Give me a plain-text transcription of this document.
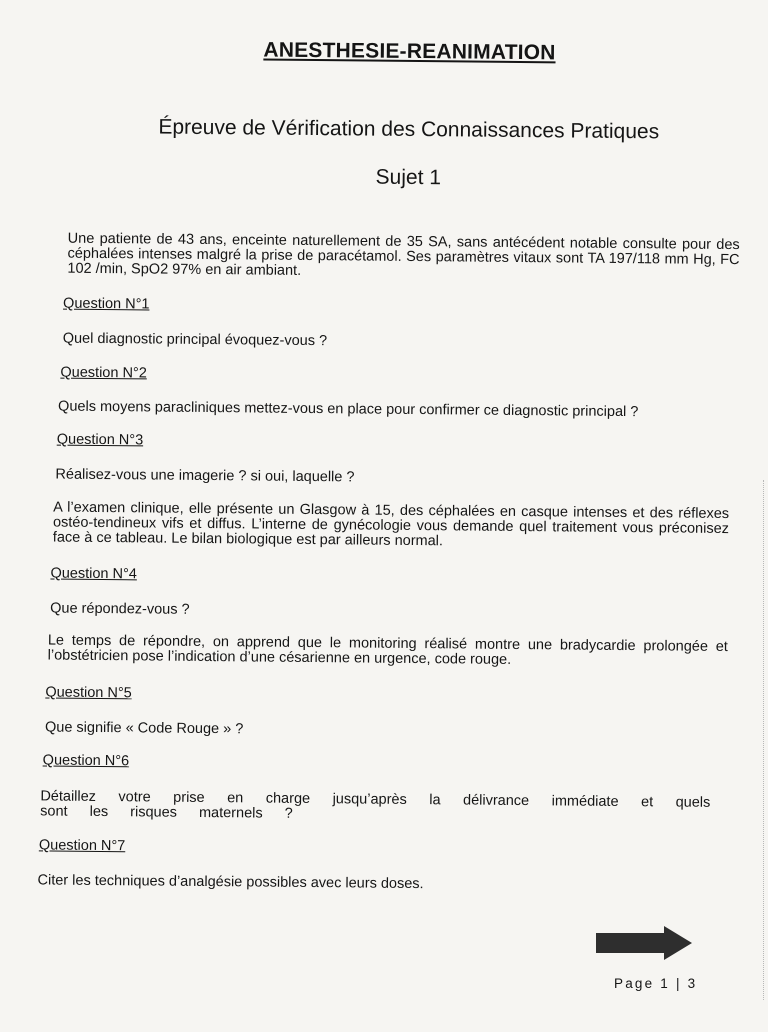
ANESTHESIE-REANIMATION
Épreuve de Vérification des Connaissances Pratiques
Sujet 1

Une patiente de 43 ans, enceinte naturellement de 35 SA, sans antécédent notable consulte pour des céphalées intenses malgré la prise de paracétamol. Ses paramètres vitaux sont TA 197/118 mm Hg, FC 102 /min, SpO2 97% en air ambiant.

Question N°1
Quel diagnostic principal évoquez-vous ?
Question N°2
Quels moyens paracliniques mettez-vous en place pour confirmer ce diagnostic principal ?
Question N°3
Réalisez-vous une imagerie ? si oui, laquelle ?

A l’examen clinique, elle présente un Glasgow à 15, des céphalées en casque intenses et des réflexes ostéo-tendineux vifs et diffus. L’interne de gynécologie vous demande quel traitement vous préconisez face à ce tableau. Le bilan biologique est par ailleurs normal.

Question N°4
Que répondez-vous ?

Le temps de répondre, on apprend que le monitoring réalisé montre une bradycardie prolongée et l’obstétricien pose l’indication d’une césarienne en urgence, code rouge.

Question N°5
Que signifie « Code Rouge » ?
Question N°6
Détaillez votre prise en charge jusqu’après la délivrance immédiate et quels sont les risques maternels ?
Question N°7
Citer les techniques d’analgésie possibles avec leurs doses.
Page 1 | 3
